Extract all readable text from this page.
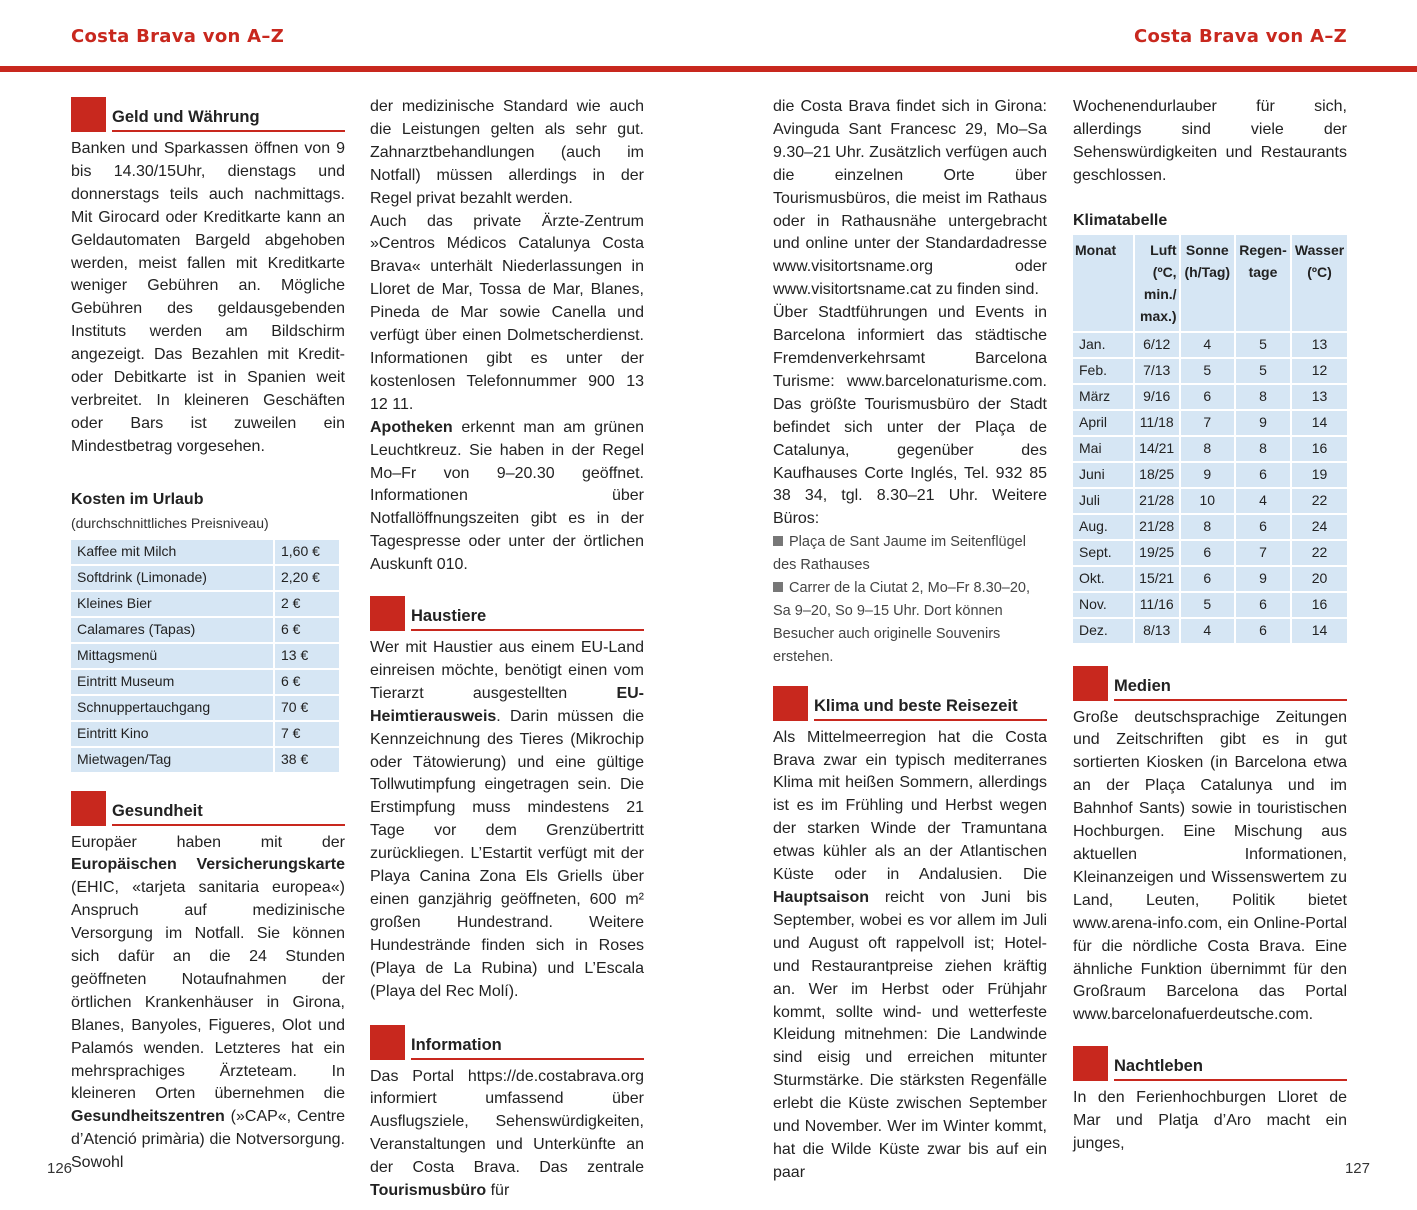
Costa Brava von A–Z	Costa Brava von A–Z
Geld und Währung

Banken und Sparkassen öffnen von 9 bis 14.30/15Uhr, dienstags und donnerstags teils auch nachmittags. Mit Girocard oder Kreditkarte kann an Geldautomaten Bargeld abgehoben werden, meist fallen mit Kreditkarte weniger Gebühren an. Mögliche Gebühren des geldausgebenden Instituts werden am Bildschirm angezeigt. Das Bezahlen mit Kredit- oder Debitkarte ist in Spanien weit verbreitet. In kleineren Geschäften oder Bars ist zuweilen ein Mindestbetrag vorgesehen.

Kosten im Urlaub
(durchschnittliches Preisniveau)
Kaffee mit Milch	1,60 €
Softdrink (Limonade)	2,20 €
Kleines Bier	2 €
Calamares (Tapas)	6 €
Mittagsmenü	13 €
Eintritt Museum	6 €
Schnuppertauchgang	70 €
Eintritt Kino	7 €
Mietwagen/Tag	38 €
Gesundheit

Europäer haben mit der Europäischen Versicherungskarte (EHIC, «tarjeta sanitaria europea«) Anspruch auf medizinische Versorgung im Notfall. Sie können sich dafür an die 24 Stunden geöffneten Notaufnahmen der örtlichen Krankenhäuser in Girona, Blanes, Banyoles, Figueres, Olot und Palamós wenden. Letzteres hat ein mehrsprachiges Ärzteteam. In kleineren Orten übernehmen die Gesundheitszentren (»CAP«, Centre d’Atenció primària) die Notversorgung. Sowohl

der medizinische Standard wie auch die Leistungen gelten als sehr gut. Zahnarztbehandlungen (auch im Notfall) müssen allerdings in der Regel privat bezahlt werden.

Auch das private Ärzte-Zentrum »Centros Médicos Catalunya Costa Brava« unterhält Niederlassungen in Lloret de Mar, Tossa de Mar, Blanes, Pineda de Mar sowie Canella und verfügt über einen Dolmetscherdienst. Informationen gibt es unter der kostenlosen Telefonnummer 900 13 12 11.

Apotheken erkennt man am grünen Leuchtkreuz. Sie haben in der Regel Mo–Fr von 9–20.30 geöffnet. Informationen über Notfallöffnungszeiten gibt es in der Tagespresse oder unter der örtlichen Auskunft 010.

Haustiere

Wer mit Haustier aus einem EU-Land einreisen möchte, benötigt einen vom Tierarzt ausgestellten EU-Heimtierausweis. Darin müssen die Kennzeichnung des Tieres (Mikrochip oder Tätowierung) und eine gültige Tollwutimpfung eingetragen sein. Die Erstimpfung muss mindestens 21 Tage vor dem Grenzübertritt zurückliegen. L’Estartit verfügt mit der Playa Canina Zona Els Griells über einen ganzjährig geöffneten, 600 m² großen Hundestrand. Weitere Hundestrände finden sich in Roses (Playa de La Rubina) und L’Escala (Playa del Rec Molí).

Information

Das Portal https://de.costabrava.org informiert umfassend über Ausflugsziele, Sehenswürdigkeiten, Veranstaltungen und Unterkünfte an der Costa Brava. Das zentrale Tourismusbüro für

die Costa Brava findet sich in Girona: Avinguda Sant Francesc 29, Mo–Sa 9.30–21 Uhr. Zusätzlich verfügen auch die einzelnen Orte über Tourismusbüros, die meist im Rathaus oder in Rathausnähe untergebracht und online unter der Standardadresse www.visitortsname.org oder www.visitortsname.cat zu finden sind.

Über Stadtführungen und Events in Barcelona informiert das städtische Fremdenverkehrsamt Barcelona Turisme: www.barcelonaturisme.com. Das größte Tourismusbüro der Stadt befindet sich unter der Plaça de Catalunya, gegenüber des Kaufhauses Corte Inglés, Tel. 932 85 38 34, tgl. 8.30–21 Uhr. Weitere Büros:

Plaça de Sant Jaume im Seitenflügel des Rathauses
Carrer de la Ciutat 2, Mo–Fr 8.30–20, Sa 9–20, So 9–15 Uhr. Dort können Besucher auch originelle Souvenirs erstehen.
Klima und beste Reisezeit

Als Mittelmeerregion hat die Costa Brava zwar ein typisch mediterranes Klima mit heißen Sommern, allerdings ist es im Frühling und Herbst wegen der starken Winde der Tramuntana etwas kühler als an der Atlantischen Küste oder in Andalusien. Die Hauptsaison reicht von Juni bis September, wobei es vor allem im Juli und August oft rappelvoll ist; Hotel- und Restaurantpreise ziehen kräftig an. Wer im Herbst oder Frühjahr kommt, sollte wind- und wetterfeste Kleidung mitnehmen: Die Landwinde sind eisig und erreichen mitunter Sturmstärke. Die stärksten Regenfälle erlebt die Küste zwischen September und November. Wer im Winter kommt, hat die Wilde Küste zwar bis auf ein paar

Wochenendurlauber für sich, allerdings sind viele der Sehenswürdigkeiten und Restaurants geschlossen.

Klimatabelle
Monat	Luft (ºC, min./ max.)	Sonne (h/Tag)	Regen-tage	Wasser (ºC)
Jan.	6/12	4	5	13
Feb.	7/13	5	5	12
März	9/16	6	8	13
April	11/18	7	9	14
Mai	14/21	8	8	16
Juni	18/25	9	6	19
Juli	21/28	10	4	22
Aug.	21/28	8	6	24
Sept.	19/25	6	7	22
Okt.	15/21	6	9	20
Nov.	11/16	5	6	16
Dez.	8/13	4	6	14
Medien

Große deutschsprachige Zeitungen und Zeitschriften gibt es in gut sortierten Kiosken (in Barcelona etwa an der Plaça Catalunya und im Bahnhof Sants) sowie in touristischen Hochburgen. Eine Mischung aus aktuellen Informationen, Kleinanzeigen und Wissenswertem zu Land, Leuten, Politik bietet www.arena-info.com, ein Online-Portal für die nördliche Costa Brava. Eine ähnliche Funktion übernimmt für den Großraum Barcelona das Portal www.barcelonafuerdeutsche.com.

Nachtleben

In den Ferienhochburgen Lloret de Mar und Platja d’Aro macht ein junges,

126	127
